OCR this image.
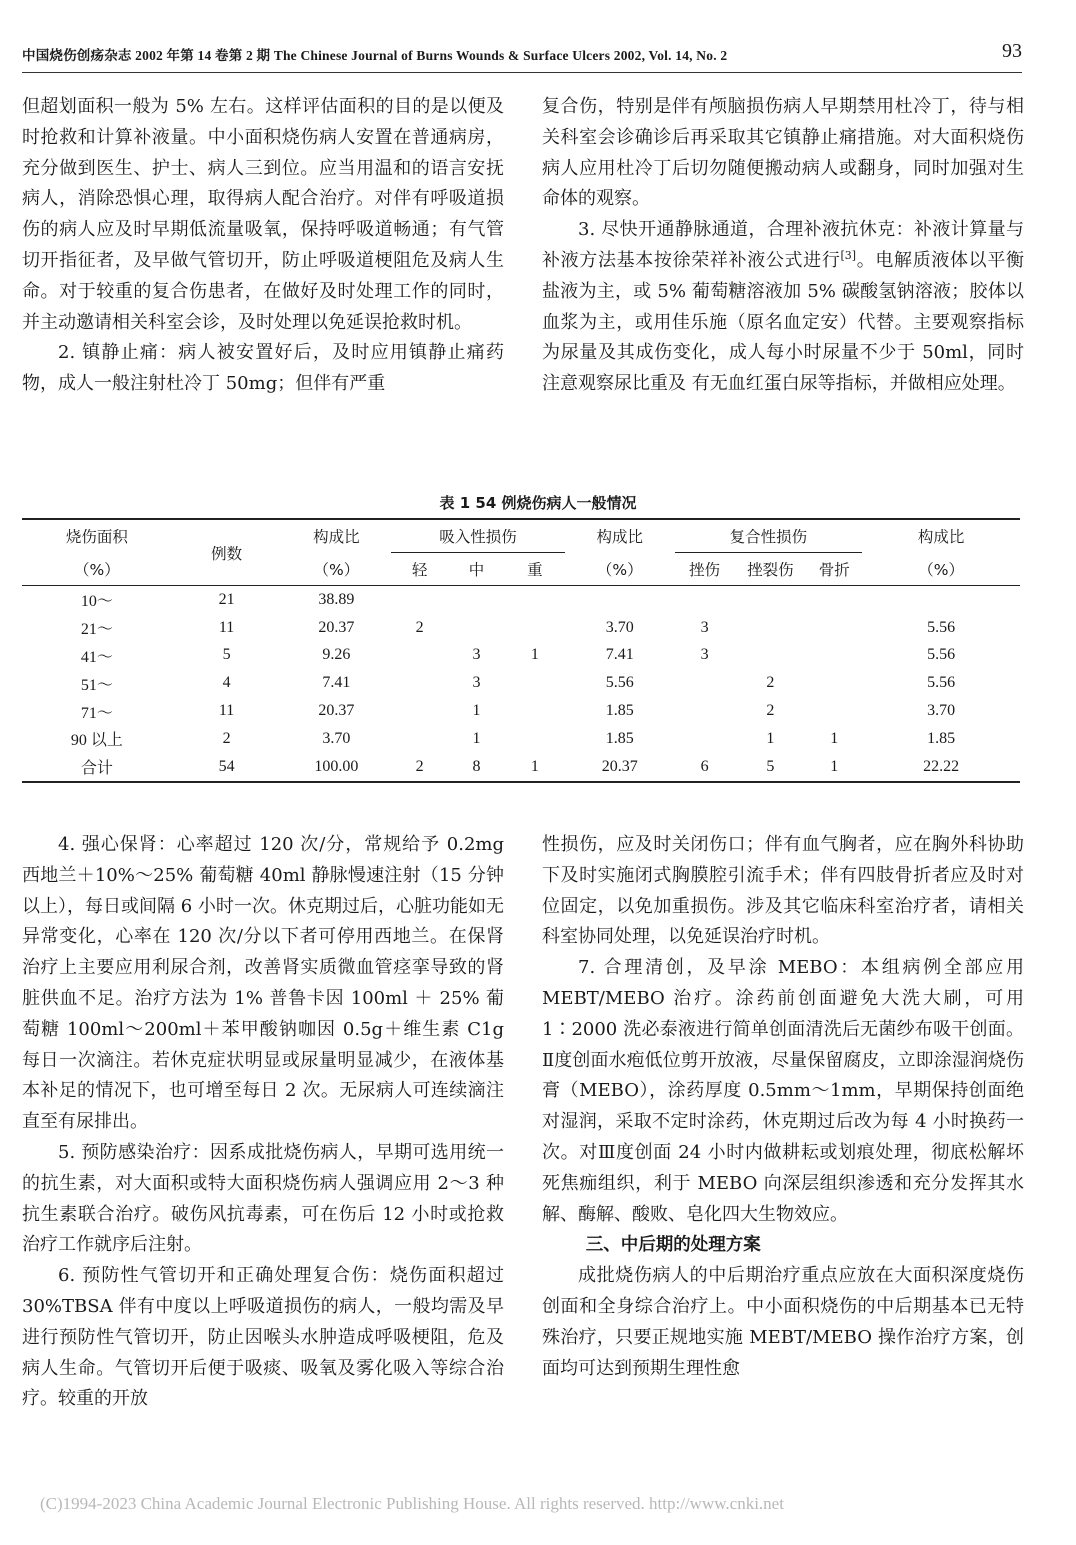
中国烧伤创疡杂志 2002 年第 14 卷第 2 期 The Chinese Journal of Burns Wounds & Surface Ulcers 2002, Vol. 14, No. 2	93

但超划面积一般为 5% 左右。这样评估面积的目的是以便及时抢救和计算补液量。中小面积烧伤病人安置在普通病房，充分做到医生、护士、病人三到位。应当用温和的语言安抚病人，消除恐惧心理，取得病人配合治疗。对伴有呼吸道损伤的病人应及时早期低流量吸氧，保持呼吸道畅通；有气管切开指征者，及早做气管切开，防止呼吸道梗阻危及病人生命。对于较重的复合伤患者，在做好及时处理工作的同时，并主动邀请相关科室会诊，及时处理以免延误抢救时机。

2. 镇静止痛：病人被安置好后，及时应用镇静止痛药物，成人一般注射杜冷丁 50mg；但伴有严重

复合伤，特别是伴有颅脑损伤病人早期禁用杜冷丁，待与相关科室会诊确诊后再采取其它镇静止痛措施。对大面积烧伤病人应用杜冷丁后切勿随便搬动病人或翻身，同时加强对生命体的观察。

3. 尽快开通静脉通道，合理补液抗休克：补液计算量与补液方法基本按徐荣祥补液公式进行[3]。电解质液体以平衡盐液为主，或 5% 葡萄糖溶液加 5% 碳酸氢钠溶液；胶体以血浆为主，或用佳乐施（原名血定安）代替。主要观察指标为尿量及其成伤变化，成人每小时尿量不少于 50ml，同时注意观察尿比重及 有无血红蛋白尿等指标，并做相应处理。

表 1 54 例烧伤病人一般情况
烧伤面积	例数	构成比	吸入性损伤			构成比	复合性损伤			构成比
（%）		（%）	轻	中	重	（%）	挫伤	挫裂伤	骨折	（%）
10～	21	38.89								
21～	11	20.37	2			3.70	3			5.56
41～	5	9.26		3	1	7.41	3			5.56
51～	4	7.41		3		5.56		2		5.56
71～	11	20.37		1		1.85		2		3.70
90 以上	2	3.70		1		1.85		1	1	1.85
合计	54	100.00	2	8	1	20.37	6	5	1	22.22

4. 强心保肾：心率超过 120 次/分，常规给予 0.2mg 西地兰＋10%～25% 葡萄糖 40ml 静脉慢速注射（15 分钟以上），每日或间隔 6 小时一次。休克期过后，心脏功能如无异常变化，心率在 120 次/分以下者可停用西地兰。在保肾治疗上主要应用利尿合剂，改善肾实质微血管痉挛导致的肾脏供血不足。治疗方法为 1% 普鲁卡因 100ml ＋ 25% 葡萄糖 100ml～200ml＋苯甲酸钠咖因 0.5g＋维生素 C1g 每日一次滴注。若休克症状明显或尿量明显减少，在液体基本补足的情况下，也可增至每日 2 次。无尿病人可连续滴注直至有尿排出。

5. 预防感染治疗：因系成批烧伤病人，早期可选用统一的抗生素，对大面积或特大面积烧伤病人强调应用 2～3 种抗生素联合治疗。破伤风抗毒素，可在伤后 12 小时或抢救治疗工作就序后注射。

6. 预防性气管切开和正确处理复合伤：烧伤面积超过 30%TBSA 伴有中度以上呼吸道损伤的病人，一般均需及早进行预防性气管切开，防止因喉头水肿造成呼吸梗阻，危及病人生命。气管切开后便于吸痰、吸氧及雾化吸入等综合治疗。较重的开放

性损伤，应及时关闭伤口；伴有血气胸者，应在胸外科协助下及时实施闭式胸膜腔引流手术；伴有四肢骨折者应及时对位固定，以免加重损伤。涉及其它临床科室治疗者，请相关科室协同处理，以免延误治疗时机。

7. 合理清创，及早涂 MEBO：本组病例全部应用 MEBT/MEBO 治疗。涂药前创面避免大洗大刷，可用 1∶2000 洗必泰液进行简单创面清洗后无菌纱布吸干创面。Ⅱ度创面水疱低位剪开放液，尽量保留腐皮，立即涂湿润烧伤膏（MEBO），涂药厚度 0.5mm～1mm，早期保持创面绝对湿润，采取不定时涂药，休克期过后改为每 4 小时换药一次。对Ⅲ度创面 24 小时内做耕耘或划痕处理，彻底松解坏死焦痂组织，利于 MEBO 向深层组织渗透和充分发挥其水解、酶解、酸败、皂化四大生物效应。

三、中后期的处理方案

成批烧伤病人的中后期治疗重点应放在大面积深度烧伤创面和全身综合治疗上。中小面积烧伤的中后期基本已无特殊治疗，只要正规地实施 MEBT/MEBO 操作治疗方案，创面均可达到预期生理性愈

(C)1994-2023 China Academic Journal Electronic Publishing House. All rights reserved. http://www.cnki.net
